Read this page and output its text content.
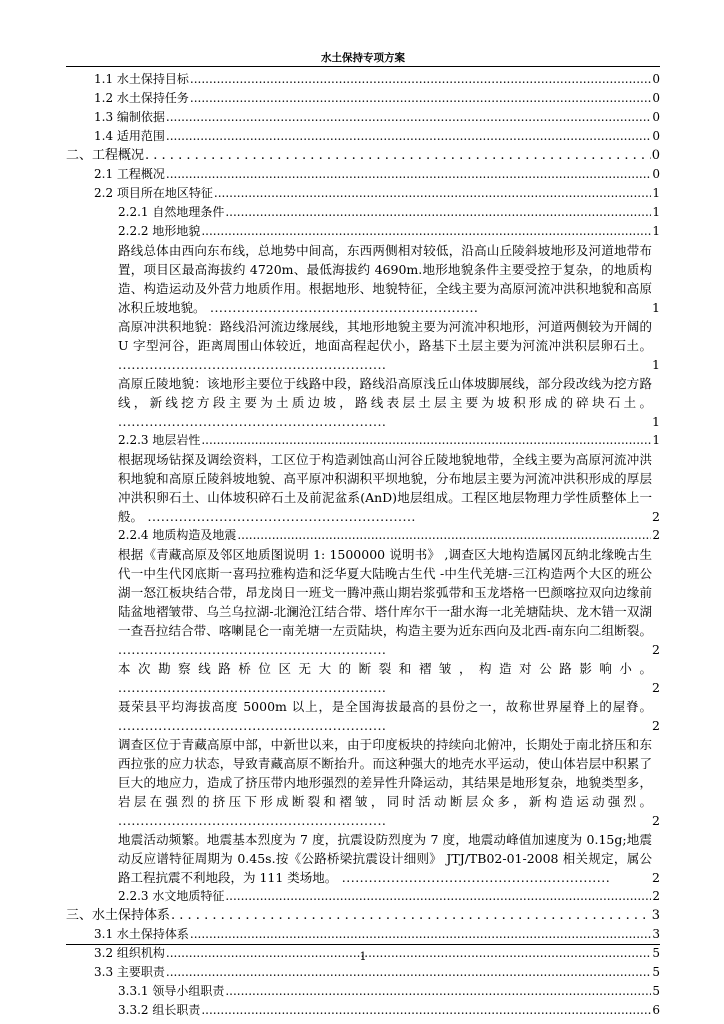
水土保持专项方案
1.1 水土保持目标 .....	0
1.2 水土保持任务 .....	0
1.3 编制依据 .....	0
1.4 适用范围 .....	0
二、工程概况 . . .	0
2.1 工程概况 .....	0
2.2 项目所在地区特征 .....	1
2.2.1 自然地理条件 .....	1
2.2.2 地形地貌 .....	1
路线总体由西向东布线，总地势中间高，东西两侧相对较低，沿高山丘陵斜坡地形及河道地带布置，项目区最高海拔约 4720m、最低海拔约 4690m.地形地貌条件主要受控于复杂，的地质构造、构造运动及外营力地质作用。根据地形、地貌特征，全线主要为高原河流冲洪积地貌和高原冰积丘坡地貌。 ............................................................	1
高原冲洪积地貌：路线沿河流边缘展线，其地形地貌主要为河流冲积地形，河道两侧较为开阔的 U 字型河谷，距离周围山体较近，地面高程起伏小，路基下土层主要为河流冲洪积层卵石土。 ............................................................	1
高原丘陵地貌：该地形主要位于线路中段，路线沿高原浅丘山体坡脚展线，部分段改线为挖方路线，新线挖方段主要为土质边坡，路线表层土层主要为坡积形成的碎块石土。 ............................................................	1
2.2.3 地层岩性 .....	1
根据现场钻探及调绘资料，工区位于构造剥蚀高山河谷丘陵地貌地带，全线主要为高原河流冲洪积地貌和高原丘陵斜坡地貌、高平原冲积湖积平坝地貌，分布地层主要为河流冲洪积形成的厚层冲洪积卵石土、山体坡积碎石土及前泥盆系(AnD)地层组成。工程区地层物理力学性质整体上一般。 ............................................................	2
2.2.4 地质构造及地震 .....	2
根据《青藏高原及邻区地质图说明 1: 1500000 说明书》 ,调查区大地构造属冈瓦纳北缘晚古生代一中生代冈底斯一喜玛拉雅构造和泛华夏大陆晚古生代 -中生代羌塘-三江构造两个大区的班公湖一怒江板块结合带，昂龙岗日一班戈一腾冲燕山期岩浆弧带和玉龙塔格一巴颜喀拉双向边缘前陆盆地褶皱带、乌兰乌拉湖-北澜沧江结合带、塔什库尔干一甜水海一北羌塘陆块、龙木错一双湖一查吾拉结合带、喀喇昆仑一南羌塘一左贡陆块，构造主要为近东西向及北西-南东向二组断裂。 ............................................................	2
本次勘察线路桥位区无大的断裂和褶皱，构造对公路影响小。 ............................................................	2
聂荣县平均海拔高度 5000m 以上，是全国海拔最高的县份之一，故称世界屋脊上的屋脊。 ............................................................	2
调查区位于青藏高原中部，中新世以来，由于印度板块的持续向北俯冲，长期处于南北挤压和东西拉张的应力状态，导致青藏高原不断抬升。而这种强大的地壳水平运动，使山体岩层中积累了巨大的地应力，造成了挤压带内地形强烈的差异性升降运动，其结果是地形复杂，地貌类型多，岩层在强烈的挤压下形成断裂和褶皱，同时活动断层众多，新构造运动强烈。 ............................................................	2
地震活动频繁。地震基本烈度为 7 度，抗震设防烈度为 7 度，地震动峰值加速度为 0.15g;地震动反应谱特征周期为 0.45s.按《公路桥梁抗震设计细则》 JTJ/TB02-01-2008 相关规定，属公路工程抗震不利地段，为 111 类场地。 ............................................................	2
2.2.3 水文地质特征 .....	2
三、水土保持体系 . . .	3
3.1 水土保持体系 .....	3
3.2 组织机构 .....	5
3.3 主要职责 .....	5
3.3.1 领导小组职责 .....	5
3.3.2 组长职责 .....	6
1
